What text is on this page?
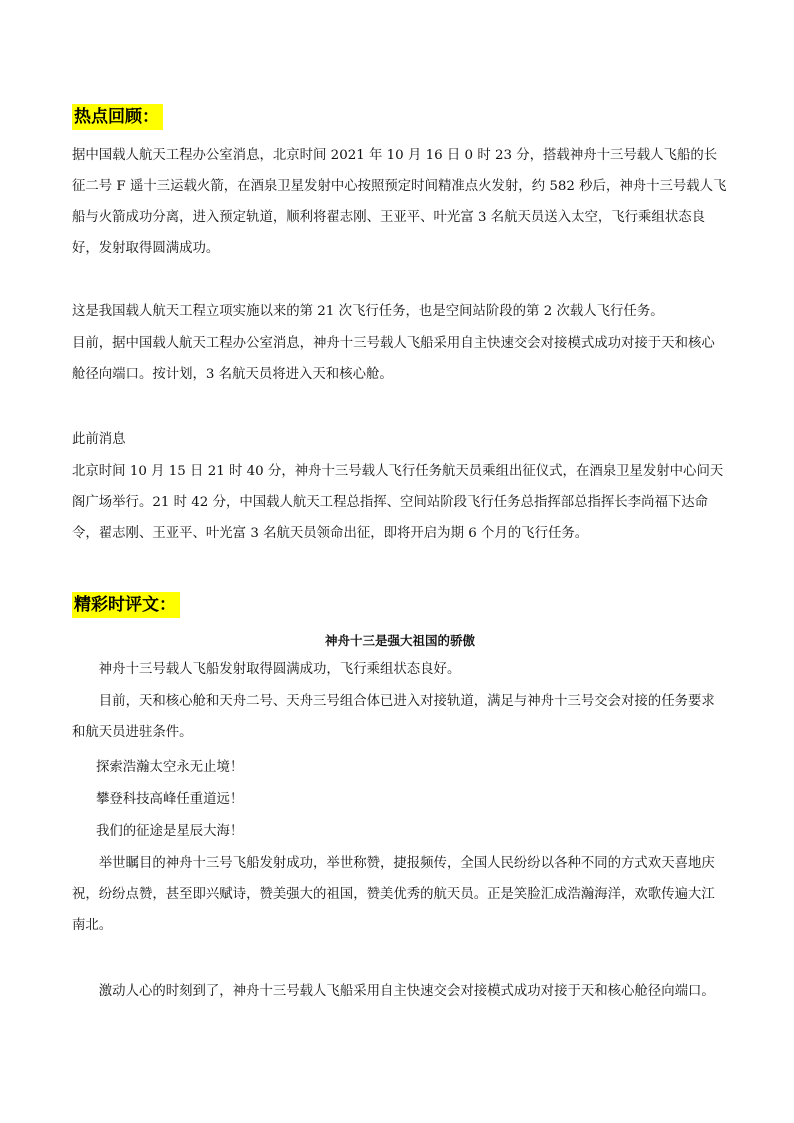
热点回顾：

据中国载人航天工程办公室消息，北京时间 2021 年 10 月 16 日 0 时 23 分，搭载神舟十三号载人飞船的长征二号 F 遥十三运载火箭，在酒泉卫星发射中心按照预定时间精准点火发射，约 582 秒后，神舟十三号载人飞船与火箭成功分离，进入预定轨道，顺利将翟志刚、王亚平、叶光富 3 名航天员送入太空，飞行乘组状态良好，发射取得圆满成功。

这是我国载人航天工程立项实施以来的第 21 次飞行任务，也是空间站阶段的第 2 次载人飞行任务。

目前，据中国载人航天工程办公室消息，神舟十三号载人飞船采用自主快速交会对接模式成功对接于天和核心舱径向端口。按计划，3 名航天员将进入天和核心舱。

此前消息

北京时间 10 月 15 日 21 时 40 分，神舟十三号载人飞行任务航天员乘组出征仪式，在酒泉卫星发射中心问天阁广场举行。21 时 42 分，中国载人航天工程总指挥、空间站阶段飞行任务总指挥部总指挥长李尚福下达命令，翟志刚、王亚平、叶光富 3 名航天员领命出征，即将开启为期 6 个月的飞行任务。

精彩时评文：
神舟十三是强大祖国的骄傲

神舟十三号载人飞船发射取得圆满成功，飞行乘组状态良好。

目前，天和核心舱和天舟二号、天舟三号组合体已进入对接轨道，满足与神舟十三号交会对接的任务要求和航天员进驻条件。

探索浩瀚太空永无止境！
攀登科技高峰任重道远！
我们的征途是星辰大海！

举世瞩目的神舟十三号飞船发射成功，举世称赞，捷报频传，全国人民纷纷以各种不同的方式欢天喜地庆祝，纷纷点赞，甚至即兴赋诗，赞美强大的祖国，赞美优秀的航天员。正是笑脸汇成浩瀚海洋，欢歌传遍大江南北。

激动人心的时刻到了，神舟十三号载人飞船采用自主快速交会对接模式成功对接于天和核心舱径向端口。
